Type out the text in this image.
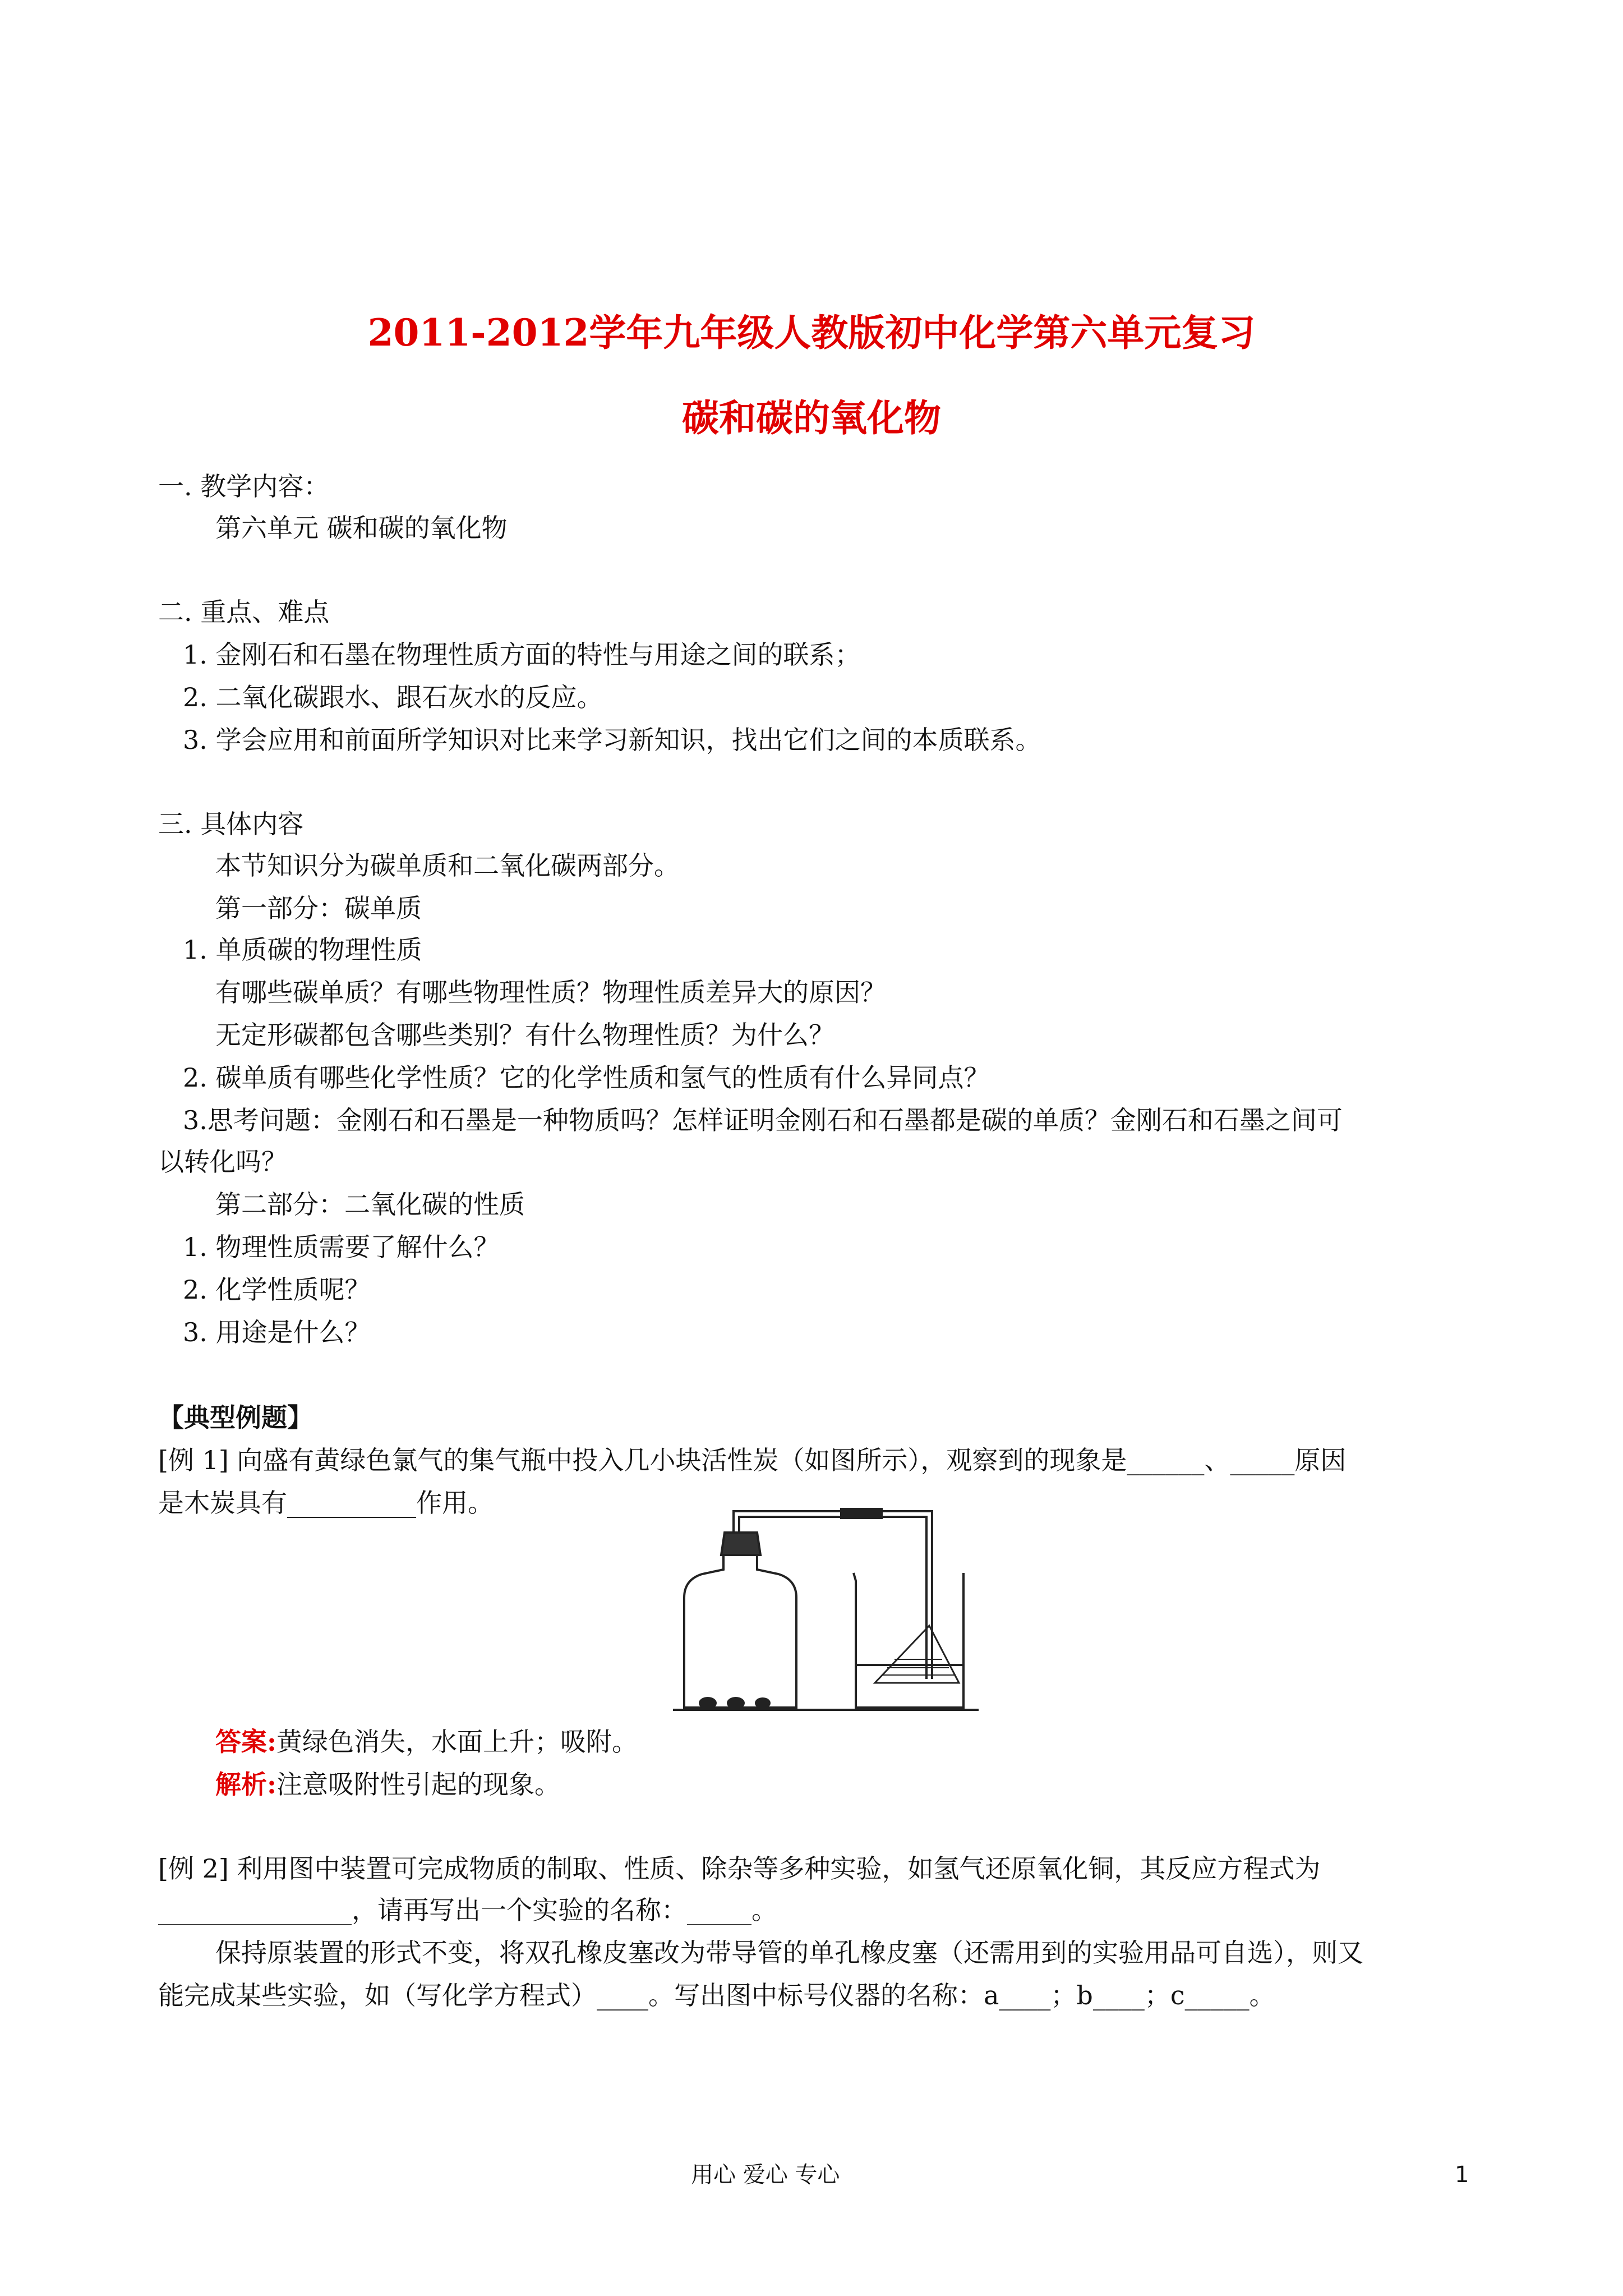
2011-2012学年九年级人教版初中化学第六单元复习
碳和碳的氧化物
一. 教学内容：
第六单元 碳和碳的氧化物
二. 重点、难点
1. 金刚石和石墨在物理性质方面的特性与用途之间的联系；
2. 二氧化碳跟水、跟石灰水的反应。
3. 学会应用和前面所学知识对比来学习新知识，找出它们之间的本质联系。
三. 具体内容
本节知识分为碳单质和二氧化碳两部分。
第一部分：碳单质
1. 单质碳的物理性质
有哪些碳单质？有哪些物理性质？物理性质差异大的原因？
无定形碳都包含哪些类别？有什么物理性质？为什么？
2. 碳单质有哪些化学性质？它的化学性质和氢气的性质有什么异同点？
3.思考问题：金刚石和石墨是一种物质吗？怎样证明金刚石和石墨都是碳的单质？金刚石和石墨之间可
以转化吗？
第二部分：二氧化碳的性质
1. 物理性质需要了解什么？
2. 化学性质呢？
3. 用途是什么？
【典型例题】
[例 1] 向盛有黄绿色氯气的集气瓶中投入几小块活性炭（如图所示），观察到的现象是______、_____原因
是木炭具有__________作用。
答案:黄绿色消失，水面上升；吸附。
解析:注意吸附性引起的现象。
[例 2] 利用图中装置可完成物质的制取、性质、除杂等多种实验，如氢气还原氧化铜，其反应方程式为
_______________，请再写出一个实验的名称：_____。
保持原装置的形式不变，将双孔橡皮塞改为带导管的单孔橡皮塞（还需用到的实验用品可自选），则又
能完成某些实验，如（写化学方程式）____。写出图中标号仪器的名称：a____；b____；c_____。
用心 爱心 专心	1
